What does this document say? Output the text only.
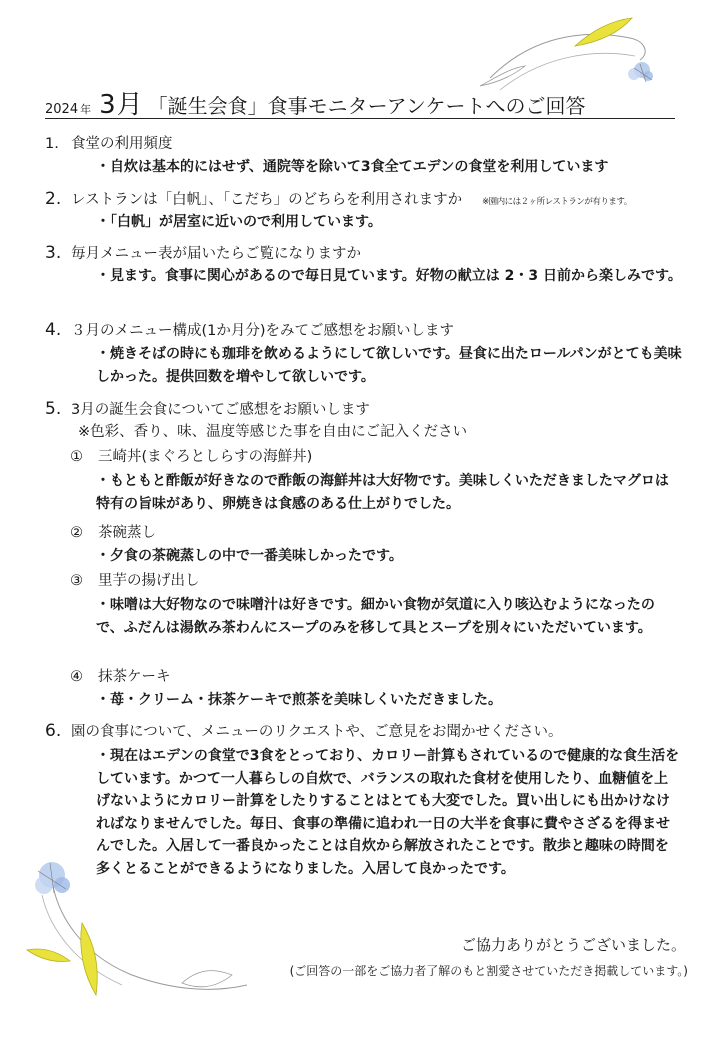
2024 年 3月 「誕生会食」食事モニターアンケートへのご回答
1. 食堂の利用頻度
・自炊は基本的にはせず、通院等を除いて3食全てエデンの食堂を利用しています
2. レストランは「白帆」、「こだち」のどちらを利用されますか ※園内には２ヶ所レストランが有ります。
・「白帆」が居室に近いので利用しています。
3. 毎月メニュー表が届いたらご覧になりますか
・見ます。食事に関心があるので毎日見ています。好物の献立は 2・3 日前から楽しみです。
4. ３月のメニュー構成(1か月分)をみてご感想をお願いします
・焼きそばの時にも珈琲を飲めるようにして欲しいです。昼食に出たロールパンがとても美味しかった。提供回数を増やして欲しいです。
5. 3月の誕生会食についてご感想をお願いします
※色彩、香り、味、温度等感じた事を自由にご記入ください
① 三崎丼(まぐろとしらすの海鮮丼)
・もともと酢飯が好きなので酢飯の海鮮丼は大好物です。美味しくいただきましたマグロは特有の旨味があり、卵焼きは食感のある仕上がりでした。
② 茶碗蒸し
・夕食の茶碗蒸しの中で一番美味しかったです。
③ 里芋の揚げ出し
・味噌は大好物なので味噌汁は好きです。細かい食物が気道に入り咳込むようになったので、ふだんは湯飲み茶わんにスープのみを移して具とスープを別々にいただいています。
④ 抹茶ケーキ
・苺・クリーム・抹茶ケーキで煎茶を美味しくいただきました。
6. 園の食事について、メニューのリクエストや、ご意見をお聞かせください。
・現在はエデンの食堂で3食をとっており、カロリー計算もされているので健康的な食生活をしています。かつて一人暮らしの自炊で、バランスの取れた食材を使用したり、血糖値を上げないようにカロリー計算をしたりすることはとても大変でした。買い出しにも出かけなければなりませんでした。毎日、食事の準備に追われ一日の大半を食事に費やさざるを得ませんでした。入居して一番良かったことは自炊から解放されたことです。散歩と趣味の時間を多くとることができるようになりました。入居して良かったです。
ご協力ありがとうございました。
(ご回答の一部をご協力者了解のもと割愛させていただき掲載しています。)
